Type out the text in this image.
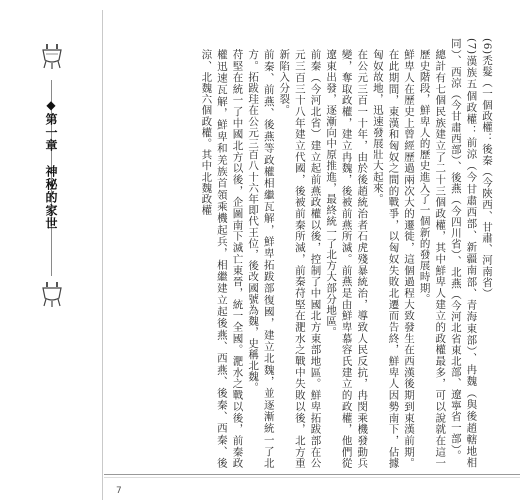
◆第一章　神秘的家世	(6)禿髮（一個政權：後秦（今陝西、甘肅、河南省）

(7)漢族五個政權：前涼（今甘肅西部、新疆南部、青海東部）、冉魏（與後趙轄地相同）、西涼（今甘肅西部）、後燕（今四川省）、北燕（今河北省東北部、遼寧省一部）。

總計有七個民族建立了二十三個政權，其中鮮卑人建立的政權最多，可以說就在這一歷史階段，鮮卑人的歷史進入了一個新的發展時期。

鮮卑人在歷史上曾經歷過兩次大的遷徙，這個過程大致發生在西漢後期到東漢前期。在此期間，東漢和匈奴之間的戰爭，以匈奴失敗北遷而告終，鮮卑人因勢南下，佔據匈奴故地，迅速發展壯大起來。

在公元三百一十年，由於後趙統治者石虎殘暴統治，導致人民反抗，冉閔乘機發動兵變，奪取政權，建立冉魏，後被前燕所滅。前燕是由鮮卑慕容氏建立的政權，他們從遼東出發，逐漸向中原推進，最終統一了北方大部分地區。

前秦（今河北省）建立起前燕政權以後，控制了中國北方東部地區。鮮卑拓跋部在公元三百三十八年建立代國，後被前秦所滅，前秦苻堅在淝水之戰中失敗以後，北方重新陷入分裂。

前秦、前燕、後燕等政權相繼瓦解，鮮卑拓跋部復國，建立北魏，並逐漸統一了北方。拓跋珪在公元三百八十六年即代王位，後改國號為魏，史稱北魏。

苻堅在統一了中國北方以後，企圖南下滅亡東晉，統一全國。淝水之戰以後，前秦政權迅速瓦解，鮮卑和羌族首領乘機起兵，相繼建立起後燕、西燕、後秦、西秦、後涼、北魏六個政權。其中北魏政權

7
